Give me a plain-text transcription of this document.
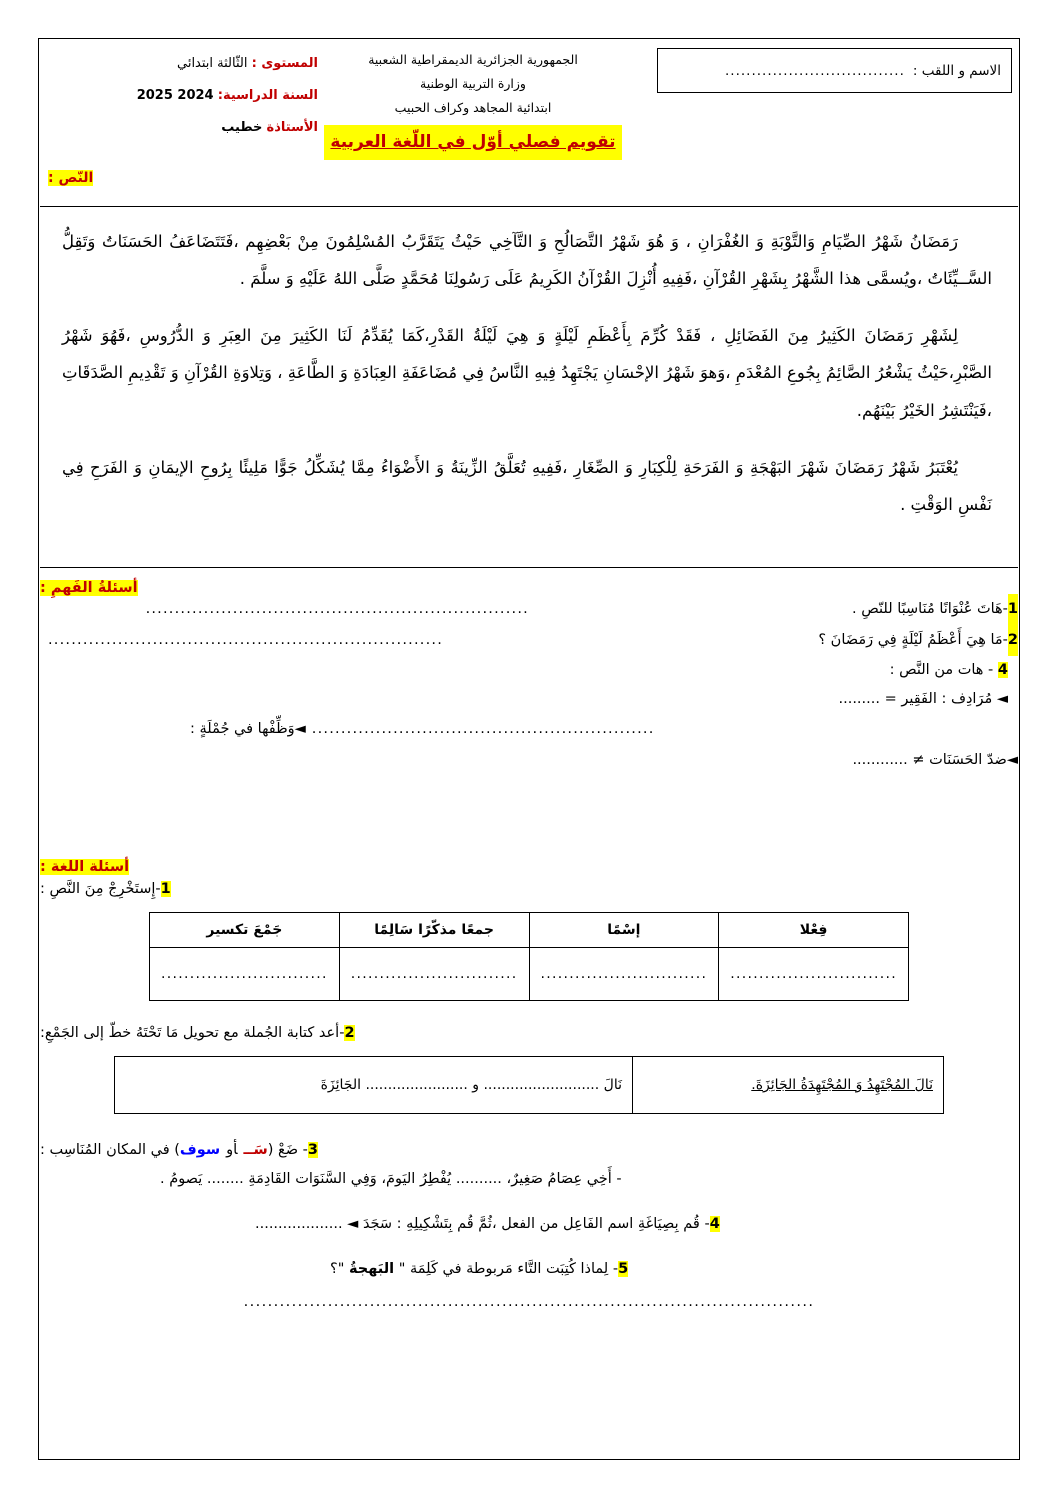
الاسم و اللقب :
..................................
الجمهورية الجزائرية الديمقراطية الشعبية
وزارة التربية الوطنية
ابتدائية المجاهد وكراف الحبيب
تقويم فصلي أوّل في اللّغة العربية
المستوى : الثّالثة ابتدائي
السنة الدراسية: 2024 2025
الأستاذة خطيب
النّص :

رَمَضَانُ شَهْرُ الصِّيَامِ وَالتَّوْبَةِ وَ الغُفْرَانِ ، وَ هُوَ شَهْرُ التَّصَالُحِ وَ التَّآخِي حَيْثُ يَتَقَرَّبُ المُسْلِمُونَ مِنْ بَعْضِهِم ،فَتَتَضَاعَفُ الحَسَنَاتُ وَتَقِلُّ السَّــيِّئَاتُ ،ويُسمَّى هذا الشَّهْرُ بِشَهْرِ القُرْآنِ ،فَفِيهِ أُنْزِلَ القُرْآنُ الكَرِيمُ عَلَى رَسُولِنَا مُحَمَّدٍ صَلَّى اللهُ عَلَيْهِ وَ سلَّمَ .

لِشَهْرِ رَمَضَانَ الكَثِيرُ مِنَ الفَضَائِلِ ، فَقَدْ كُرِّمَ بِأَعْظَمِ لَيْلَةٍ وَ هِيَ لَيْلَةُ القَدْرِ،كَمَا يُقَدِّمُ لَنَا الكَثِيرَ مِنَ العِبَرِ وَ الدُّرُوسِ ،فَهُوَ شَهْرُ الصَّبْرِ،حَيْثُ يَشْعُرُ الصَّائِمُ بِجُوعِ المُعْدَمِ ،وَهوَ شَهْرُ الإحْسَانِ يَجْتَهِدُ فِيهِ النَّاسُ فِي مُضَاعَفَةِ العِبَادَةِ وَ الطَّاعَةِ ، وَتِلاوَةِ القُرْآنِ وَ تَقْدِيمِ الصَّدَقَاتِ ،فَيَنْتَشِرُ الخَيْرُ بَيْنَهُم.

يُعْتَبَرُ شَهْرُ رَمَضَانَ شَهْرَ البَهْجَةِ وَ الفَرَحَةِ لِلْكِبَارِ وَ الصِّغَارِ ،فَفِيهِ تُعَلَّقُ الزِّينَةُ وَ الأَضْوَاءُ مِمَّا يُشَكِّلُ جَوًّا مَلِيئًا بِرُوحِ الإيمَانِ وَ الفَرَحِ فِي نَفْسِ الوَقْتِ .

أسئلةُ الفَهمِ :
1
-هَاتَ عُنْوَانًا مُنَاسِبًا للنّصِ .
..................................................................
2
-مَا هِيَ أَعْظَمُ لَيْلَةٍ فِي رَمَضَانَ ؟
....................................................................
4 - هات من النَّص :
◄ مُرَادِف : الفَقِير = .........
...........................................................
◄وَظِّفْها في جُمْلَةٍ :
◄ضدّ الحَسَنَات ≠ ............
أسئلة اللغة :
1-إِستَخْرِجْ مِنَ النَّصِ :
فِعْلا	إسْمًا	جمعًا مذكّرًا سَالِمًا	جَمْعَ تكسير
.............................	.............................	.............................	.............................
2-أعد كتابة الجُملة مع تحويل مَا تَحْتَهُ خطّ إلى الجَمْعِ:
نَالَ المُجْتَهِدُ وَ المُجْتَهِدَةُ الجَائِزَةَ.	نَالَ .......................... و ....................... الجَائِزَةَ
3- ضَعْ (سَــأوسوف) في المكان المُنَاسِب :
- أَخِي عِصَامُ صَغِيرٌ، .......... يُفْطِرُ اليَومَ، وَفِي السَّنَوَات القَادِمَةِ ........ يَصومُ .
4- قُم بِصِيَاغَةِ اسم الفَاعِل من الفعل ،ثُمَّ قُم بِتَشْكِيلِهِ : سَجَدَ ◄ ...................
5- لِماذا كُتِبَت التَّاء مَربوطة في كَلِمَة " البَهجةُ "؟
...............................................................................................
